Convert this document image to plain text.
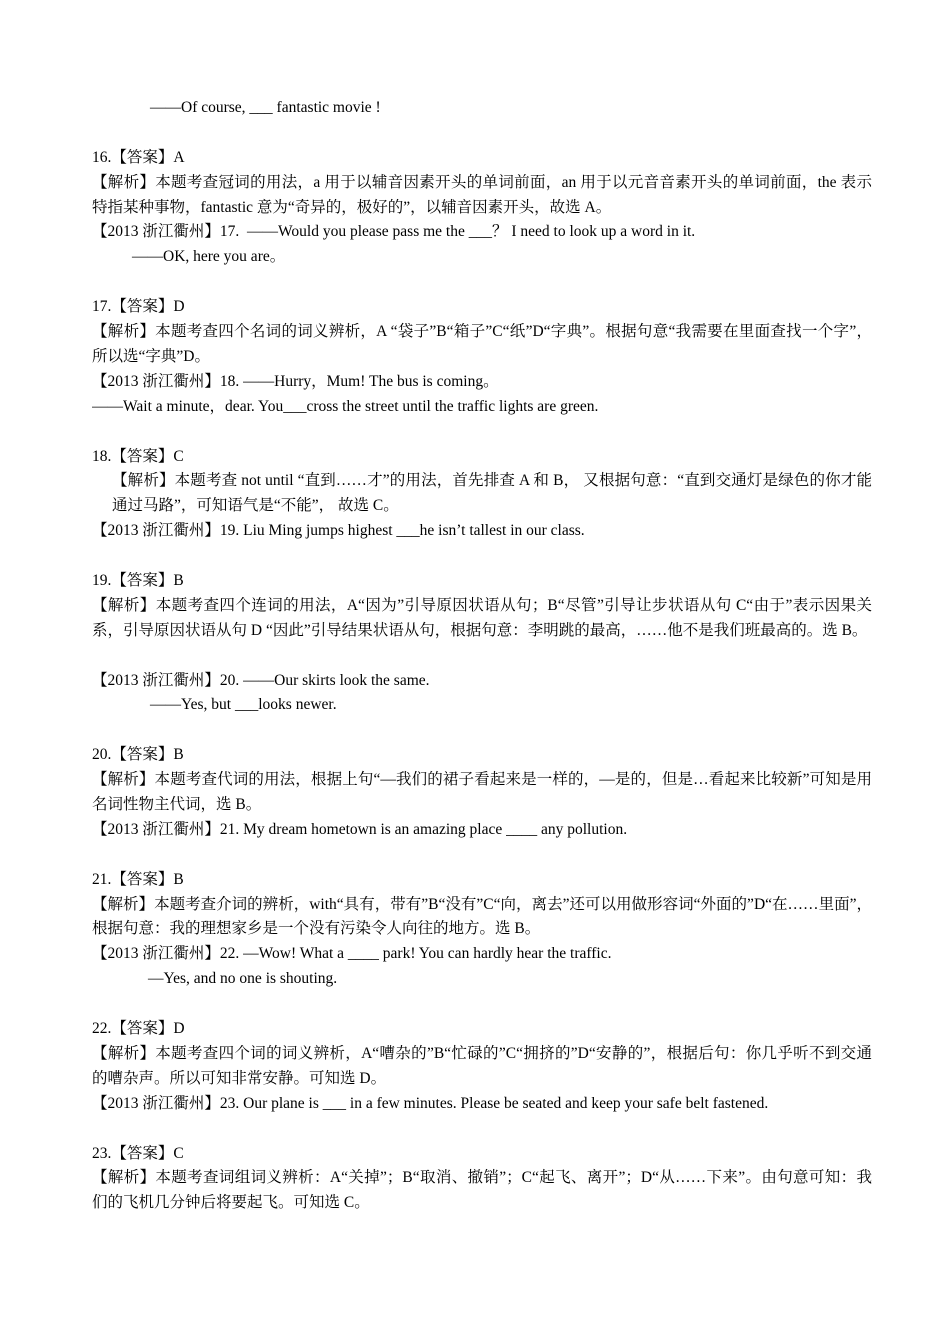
——Of course, ___ fantastic movie !

16.【答案】A
【解析】本题考查冠词的用法，a 用于以辅音因素开头的单词前面，an 用于以元音音素开头的单词前面，the 表示特指某种事物，fantastic 意为“奇异的，极好的”，以辅音因素开头，故选 A。
【2013 浙江衢州】17.  ——Would you please pass me the ___？ I need to look up a word in it.
——OK, here you are。

17.【答案】D
【解析】本题考查四个名词的词义辨析，A “袋子”B“箱子”C“纸”D“字典”。根据句意“我需要在里面查找一个字”，所以选“字典”D。
【2013 浙江衢州】18. ——Hurry，Mum! The bus is coming。
——Wait a minute，dear. You___cross the street until the traffic lights are green.

18.【答案】C
【解析】本题考查 not until “直到……才”的用法，首先排查 A 和 B， 又根据句意：“直到交通灯是绿色的你才能通过马路”，可知语气是“不能”， 故选 C。
【2013 浙江衢州】19. Liu Ming jumps highest ___he isn’t tallest in our class.

19.【答案】B
【解析】本题考查四个连词的用法，A“因为”引导原因状语从句；B“尽管”引导让步状语从句 C“由于”表示因果关系，引导原因状语从句 D “因此”引导结果状语从句，根据句意：李明跳的最高，……他不是我们班最高的。选 B。
【2013 浙江衢州】20. ——Our skirts look the same.
——Yes, but ___looks newer.

20.【答案】B
【解析】本题考查代词的用法，根据上句“—我们的裙子看起来是一样的，—是的，但是…看起来比较新”可知是用名词性物主代词，选 B。
【2013 浙江衢州】21. My dream hometown is an amazing place ____ any pollution.

21.【答案】B
【解析】本题考查介词的辨析，with“具有，带有”B“没有”C“向，离去”还可以用做形容词“外面的”D“在……里面”，根据句意：我的理想家乡是一个没有污染令人向往的地方。选 B。
【2013 浙江衢州】22. —Wow! What a ____ park! You can hardly hear the traffic.
—Yes, and no one is shouting.

22.【答案】D
【解析】本题考查四个词的词义辨析，A“嘈杂的”B“忙碌的”C“拥挤的”D“安静的”，根据后句：你几乎听不到交通的嘈杂声。所以可知非常安静。可知选 D。
【2013 浙江衢州】23. Our plane is ___ in a few minutes. Please be seated and keep your safe belt fastened.

23.【答案】C
【解析】本题考查词组词义辨析：A“关掉”；B“取消、撤销”；C“起飞、离开”；D“从……下来”。由句意可知：我们的飞机几分钟后将要起飞。可知选 C。
